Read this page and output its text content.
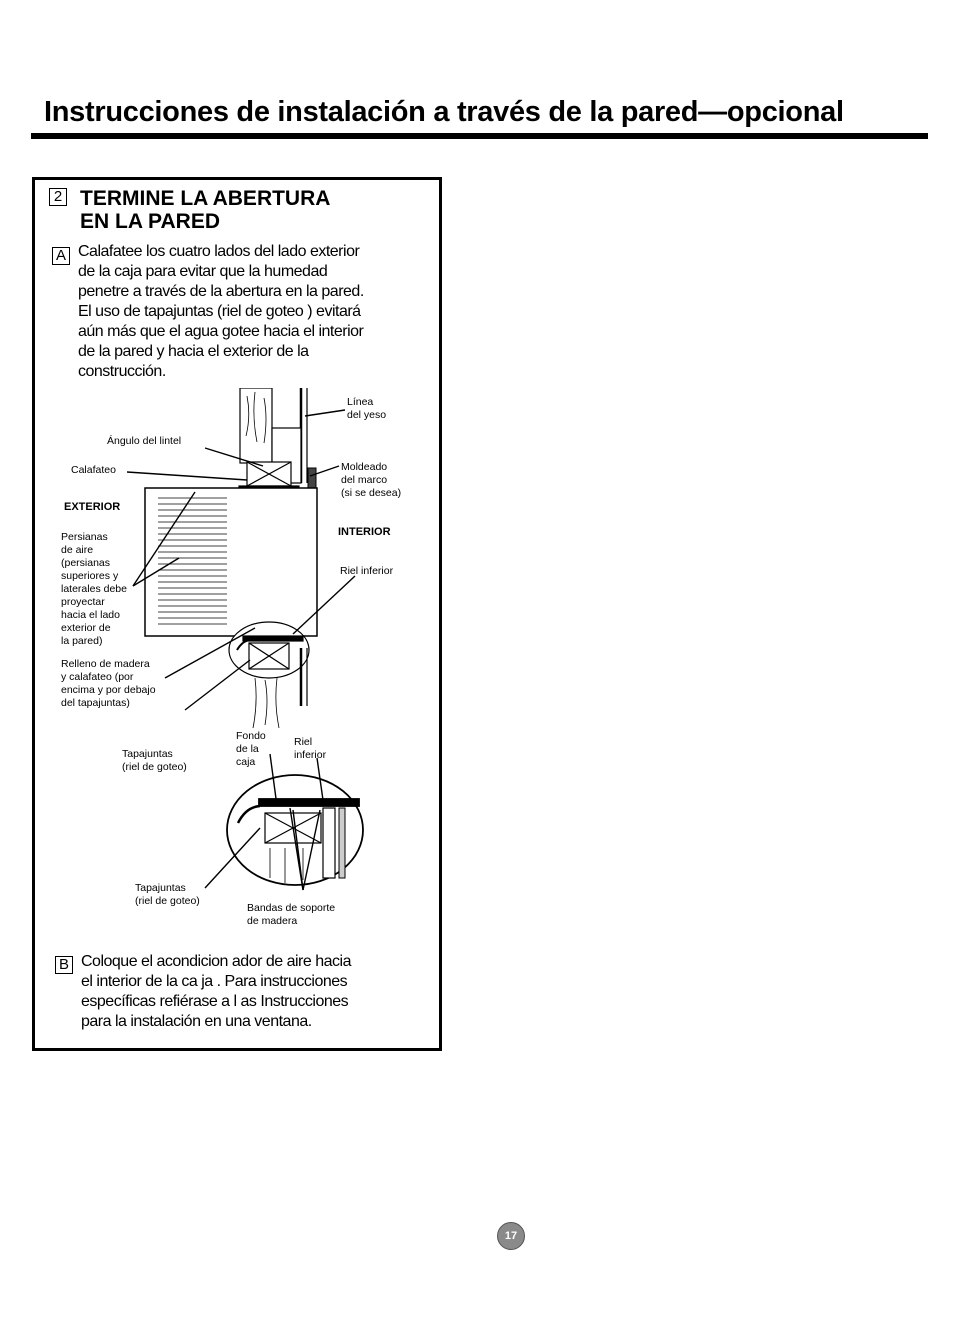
Instrucciones de instalación a través de la pared—opcional
2 TERMINE LA ABERTURA
EN LA PARED
A Calafatee los cuatro lados del lado exterior
de la caja para evitar que la humedad
penetre a través de la abertura en la pared.
El uso de tapajuntas (riel de goteo ) evitará
aún más que el agua gotee hacia el interior
de la pared y hacia el exterior de la
construcción.
Línea
del yeso
Ángulo del lintel
Calafateo	Moldeado
del marco
(si se desea)
EXTERIOR
INTERIOR
Persianas
de aire
(persianas
superiores y
laterales debe
proyectar
hacia el lado
exterior de
la pared)
Riel inferior
Relleno de madera
y calafateo (por
encima y por debajo
del tapajuntas)
Tapajuntas
(riel de goteo)
Fondo
de la
caja
Riel
inferior
Tapajuntas
(riel de goteo)
Bandas de soporte
de madera
B Coloque el acondicion ador de aire hacia
el interior de la ca ja . Para instrucciones
específicas refiérase a l as Instrucciones
para la instalación en una ventana.
17
